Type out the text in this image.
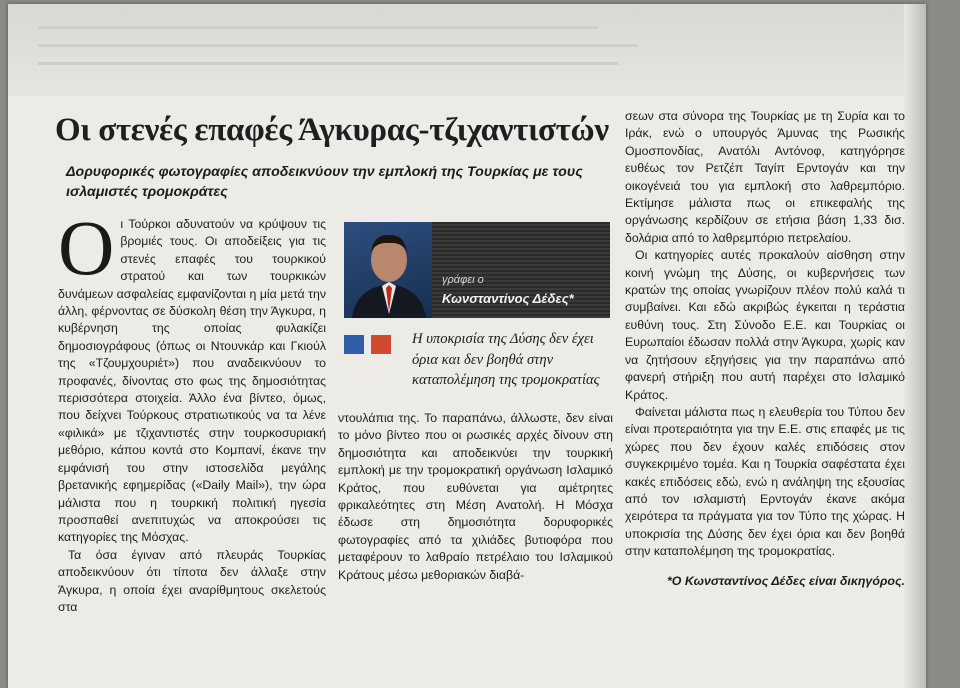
Οι στενές επαφές Άγκυρας-τζιχαντιστών
Δορυφορικές φωτογραφίες αποδεικνύουν την εμπλοκή της Τουρκίας με τους ισλαμιστές τρομοκράτες
Ο ι Τούρκοι αδυνατούν να κρύψουν τις βρομιές τους. Οι αποδείξεις για τις στενές επαφές του τουρκικού στρατού και των τουρκικών δυνάμεων ασφαλείας εμφανίζονται η μία μετά την άλλη, φέρνοντας σε δύσκολη θέση την Άγκυρα, η κυβέρνηση της οποίας φυλακίζει δημοσιογράφους (όπως οι Ντουνκάρ και Γκιούλ της «Τζουμχουριέτ») που αναδεικνύουν το προφανές, δίνοντας στο φως της δημοσιότητας περισσότερα στοιχεία. Άλλο ένα βίντεο, όμως, που δείχνει Τούρκους στρατιωτικούς να τα λένε «φιλικά» με τζιχαντιστές στην τουρκοσυριακή μεθόριο, κάπου κοντά στο Κομπανί, έκανε την εμφάνισή του στην ιστοσελίδα μεγάλης βρετανικής εφημερίδας («Daily Mail»), την ώρα μάλιστα που η τουρκική πολιτική ηγεσία προσπαθεί ανεπιτυχώς να αποκρούσει τις κατηγορίες της Μόσχας.

Τα όσα έγιναν από πλευράς Τουρκίας αποδεικνύουν ότι τίποτα δεν άλλαξε στην Άγκυρα, η οποία έχει αναρίθμητους σκελετούς στα

γράφει ο
Κωνσταντίνος Δέδες*
Η υποκρισία της Δύσης δεν έχει όρια και δεν βοηθά στην καταπολέμηση της τρομοκρατίας

ντουλάπια της. Το παραπάνω, άλλωστε, δεν είναι το μόνο βίντεο που οι ρωσικές αρχές δίνουν στη δημοσιότητα και αποδεικνύει την τουρκική εμπλοκή με την τρομοκρατική οργάνωση Ισλαμικό Κράτος, που ευθύνεται για αμέτρητες φρικαλεότητες στη Μέση Ανατολή. Η Μόσχα έδωσε στη δημοσιότητα δορυφορικές φωτογραφίες από τα χιλιάδες βυτιοφόρα που μεταφέρουν το λαθραίο πετρέλαιο του Ισλαμικού Κράτους μέσω μεθοριακών διαβά-

σεων στα σύνορα της Τουρκίας με τη Συρία και το Ιράκ, ενώ ο υπουργός Άμυνας της Ρωσικής Ομοσπονδίας, Ανατόλι Αντόνοφ, κατηγόρησε ευθέως τον Ρετζέπ Ταγίπ Ερντογάν και την οικογένειά του για εμπλοκή στο λαθρεμπόριο. Εκτίμησε μάλιστα πως οι επικεφαλής της οργάνωσης κερδίζουν σε ετήσια βάση 1,33 δισ. δολάρια από το λαθρεμπόριο πετρελαίου.

Οι κατηγορίες αυτές προκαλούν αίσθηση στην κοινή γνώμη της Δύσης, οι κυβερνήσεις των κρατών της οποίας γνωρίζουν πλέον πολύ καλά τι συμβαίνει. Και εδώ ακριβώς έγκειται η τεράστια ευθύνη τους. Στη Σύνοδο Ε.Ε. και Τουρκίας οι Ευρωπαίοι έδωσαν πολλά στην Άγκυρα, χωρίς καν να ζητήσουν εξηγήσεις για την παραπάνω από φανερή στήριξη που αυτή παρέχει στο Ισλαμικό Κράτος.

Φαίνεται μάλιστα πως η ελευθερία του Τύπου δεν είναι προτεραιότητα για την Ε.Ε. στις επαφές με τις χώρες που δεν έχουν καλές επιδόσεις στον συγκεκριμένο τομέα. Και η Τουρκία σαφέστατα έχει κακές επιδόσεις εδώ, ενώ η ανάληψη της εξουσίας από τον ισλαμιστή Ερντογάν έκανε ακόμα χειρότερα τα πράγματα για τον Τύπο της χώρας. Η υποκρισία της Δύσης δεν έχει όρια και δεν βοηθά στην καταπολέμηση της τρομοκρατίας.

*Ο Κωνσταντίνος Δέδες είναι δικηγόρος.
